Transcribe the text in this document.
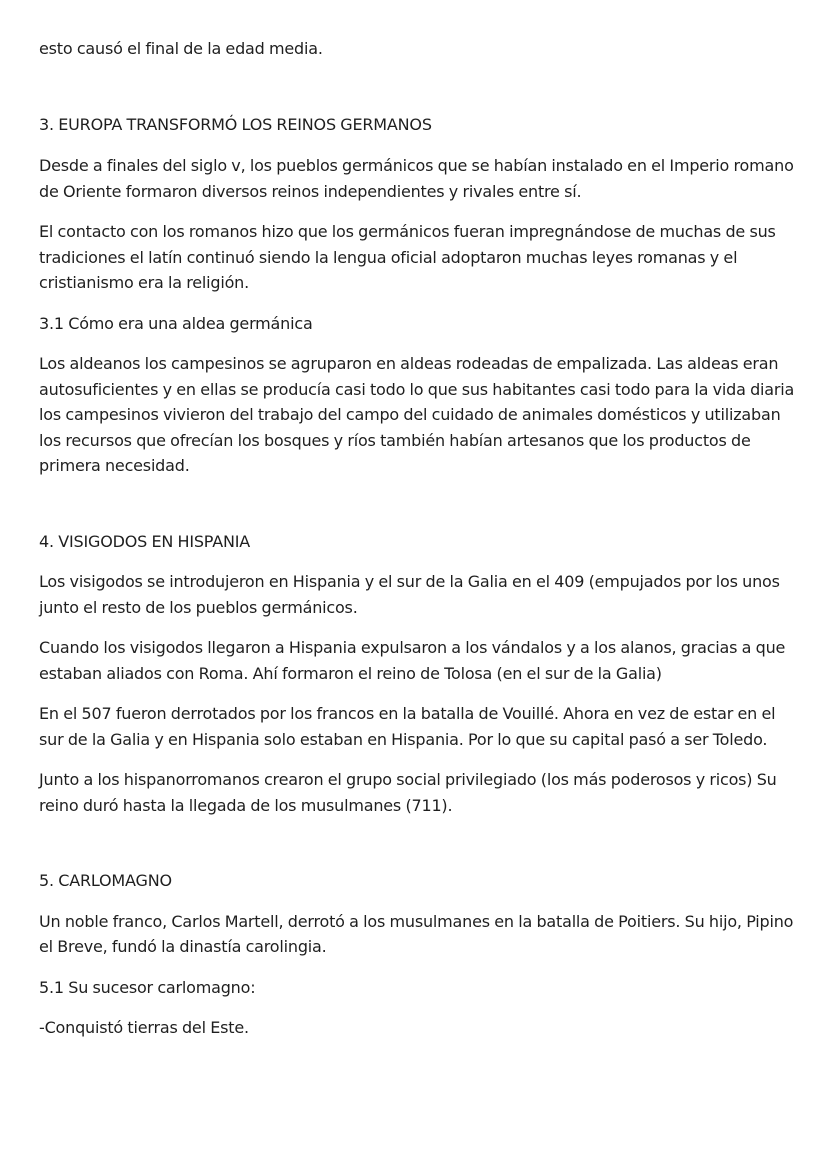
esto causó el final de la edad media.

3. EUROPA TRANSFORMÓ LOS REINOS GERMANOS

Desde a finales del siglo v, los pueblos germánicos que se habían instalado en el Imperio romano de Oriente formaron diversos reinos independientes y rivales entre sí.

El contacto con los romanos hizo que los germánicos fueran impregnándose de muchas de sus tradiciones el latín continuó siendo la lengua oficial adoptaron muchas leyes romanas y el cristianismo era la religión.

3.1 Cómo era una aldea germánica

Los aldeanos los campesinos se agruparon en aldeas rodeadas de empalizada. Las aldeas eran autosuficientes y en ellas se producía casi todo lo que sus habitantes casi todo para la vida diaria los campesinos vivieron del trabajo del campo del cuidado de animales domésticos y utilizaban los recursos que ofrecían los bosques y ríos también habían artesanos que los productos de primera necesidad.

4. VISIGODOS EN HISPANIA

Los visigodos se introdujeron en Hispania y el sur de la Galia en el 409 (empujados por los unos junto el resto de los pueblos germánicos.

Cuando los visigodos llegaron a Hispania expulsaron a los vándalos y a los alanos, gracias a que estaban aliados con Roma. Ahí formaron el reino de Tolosa (en el sur de la Galia)

En el 507 fueron derrotados por los francos en la batalla de Vouillé. Ahora en vez de estar en el sur de la Galia y en Hispania solo estaban en Hispania. Por lo que su capital pasó a ser Toledo.

Junto a los hispanorromanos crearon el grupo social privilegiado (los más poderosos y ricos) Su reino duró hasta la llegada de los musulmanes (711).

5. CARLOMAGNO

Un noble franco, Carlos Martell, derrotó a los musulmanes en la batalla de Poitiers. Su hijo, Pipino el Breve, fundó la dinastía carolingia.

5.1 Su sucesor carlomagno:

-Conquistó tierras del Este.
